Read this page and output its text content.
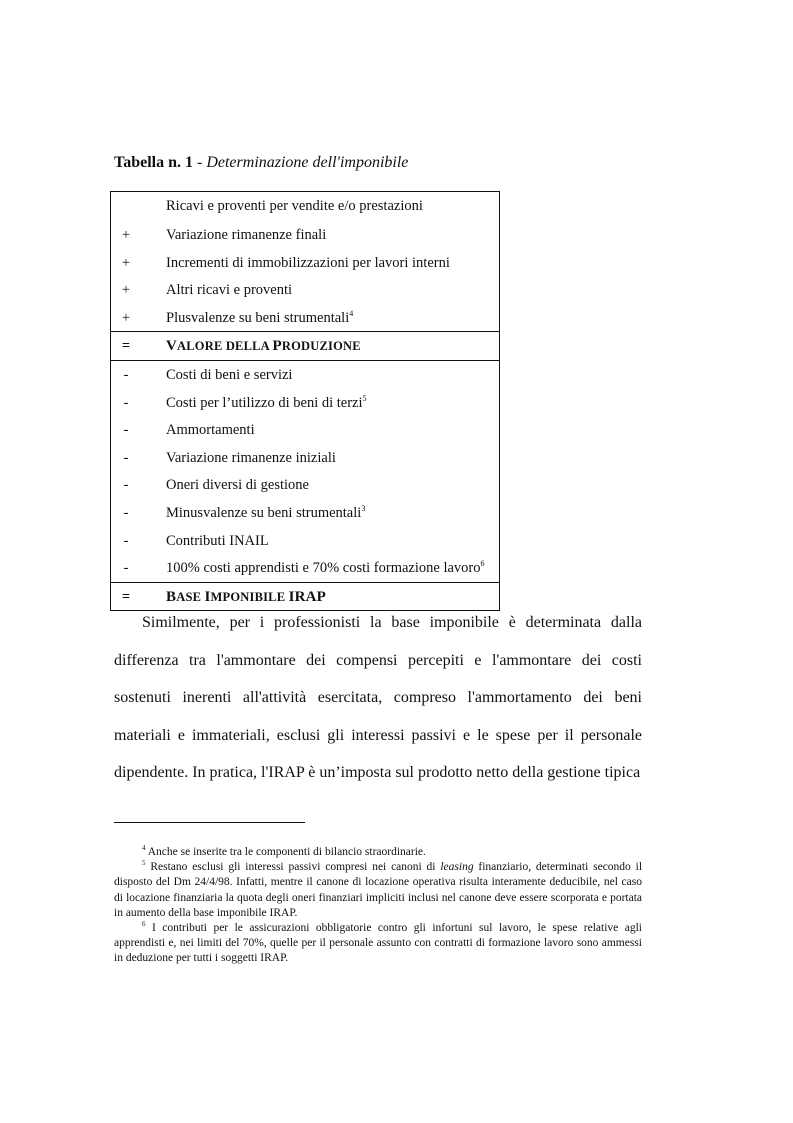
Tabella n. 1 - Determinazione dell'imponibile
Ricavi e proventi per vendite e/o prestazioni
+ Variazione rimanenze finali
+ Incrementi di immobilizzazioni per lavori interni
+ Altri ricavi e proventi
+ Plusvalenze su beni strumentali$^4$
= VALORE DELLA PRODUZIONE
-	Costi di beni e servizi
-	Costi per l’utilizzo di beni di terzi$^5$
-	Ammortamenti
-	Variazione rimanenze iniziali
-	Oneri diversi di gestione
-	Minusvalenze su beni strumentali$^3$
-	Contributi INAIL
-	100% costi apprendisti e 70% costi formazione lavoro$^6$
= BASE IMPONIBILE IRAP
Similmente, per i professionisti la base imponibile è determinata dalla differenza tra l'ammontare dei compensi percepiti e l'ammontare dei costi sostenuti inerenti all'attività esercitata, compreso l'ammortamento dei beni materiali e immateriali, esclusi gli interessi passivi e le spese per il personale dipendente. In pratica, l'IRAP è un’imposta sul prodotto netto della gestione tipica

$^4$ Anche se inserite tra le componenti di bilancio straordinarie.

$^5$ Restano esclusi gli interessi passivi compresi nei canoni di leasing finanziario, determinati secondo il disposto del Dm 24/4/98. Infatti, mentre il canone di locazione operativa risulta interamente deducibile, nel caso di locazione finanziaria la quota degli oneri finanziari impliciti inclusi nel canone deve essere scorporata e portata in aumento della base imponibile IRAP.

$^6$ I contributi per le assicurazioni obbligatorie contro gli infortuni sul lavoro, le spese relative agli apprendisti e, nei limiti del 70%, quelle per il personale assunto con contratti di formazione lavoro sono ammessi in deduzione per tutti i soggetti IRAP.
